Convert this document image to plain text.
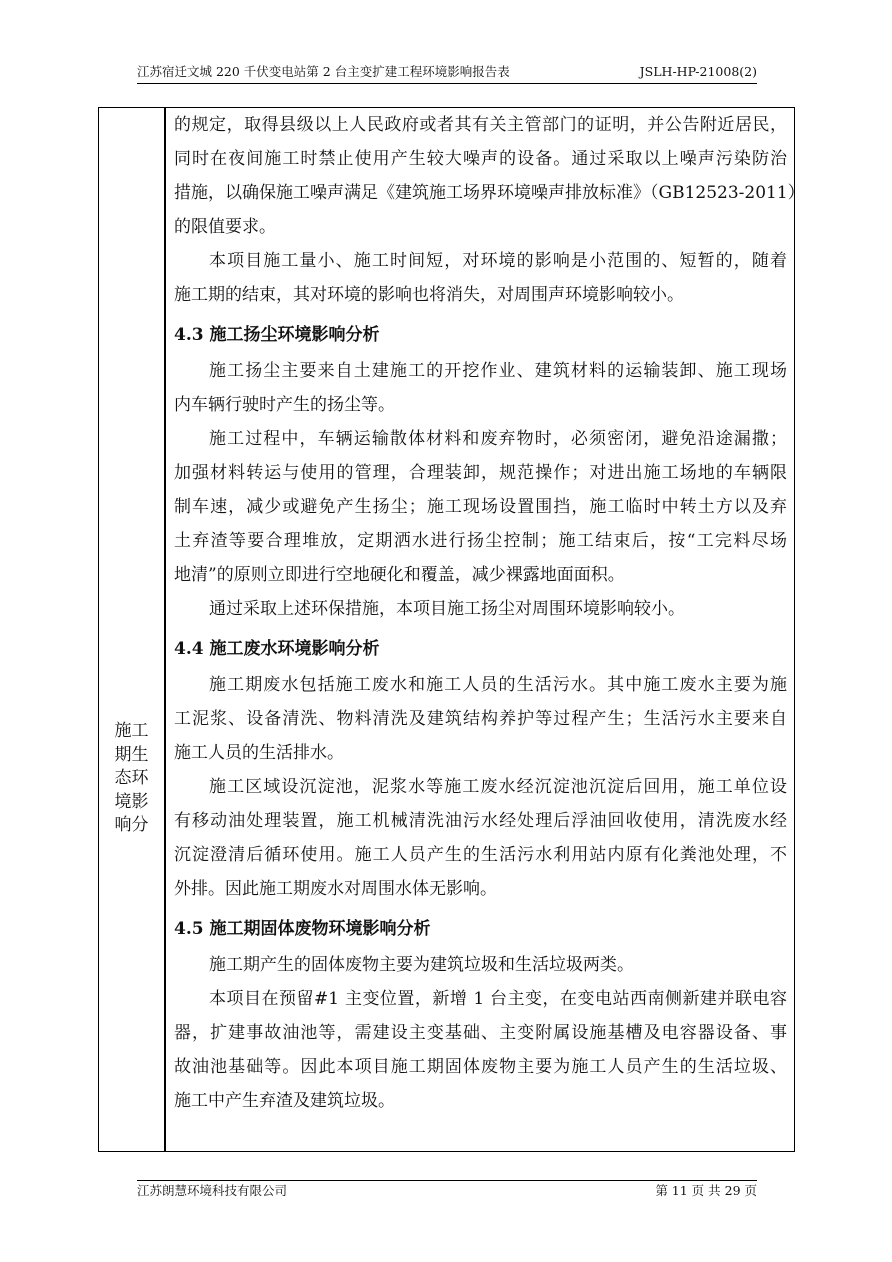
江苏宿迁文城 220 千伏变电站第 2 台主变扩建工程环境影响报告表	JSLH-HP-21008(2)
施工
期生
态环
境影
响分
的规定，取得县级以上人民政府或者其有关主管部门的证明，并公告附近居民，
同时在夜间施工时禁止使用产生较大噪声的设备。通过采取以上噪声污染防治
措施，以确保施工噪声满足《建筑施工场界环境噪声排放标准》（GB12523-2011）
的限值要求。
本项目施工量小、施工时间短，对环境的影响是小范围的、短暂的，随着
施工期的结束，其对环境的影响也将消失，对周围声环境影响较小。
4.3 施工扬尘环境影响分析
施工扬尘主要来自土建施工的开挖作业、建筑材料的运输装卸、施工现场
内车辆行驶时产生的扬尘等。
施工过程中，车辆运输散体材料和废弃物时，必须密闭，避免沿途漏撒；
加强材料转运与使用的管理，合理装卸，规范操作；对进出施工场地的车辆限
制车速，减少或避免产生扬尘；施工现场设置围挡，施工临时中转土方以及弃
土弃渣等要合理堆放，定期洒水进行扬尘控制；施工结束后，按“工完料尽场
地清”的原则立即进行空地硬化和覆盖，减少裸露地面面积。
通过采取上述环保措施，本项目施工扬尘对周围环境影响较小。
4.4 施工废水环境影响分析
施工期废水包括施工废水和施工人员的生活污水。其中施工废水主要为施
工泥浆、设备清洗、物料清洗及建筑结构养护等过程产生；生活污水主要来自
施工人员的生活排水。
施工区域设沉淀池，泥浆水等施工废水经沉淀池沉淀后回用，施工单位设
有移动油处理装置，施工机械清洗油污水经处理后浮油回收使用，清洗废水经
沉淀澄清后循环使用。施工人员产生的生活污水利用站内原有化粪池处理，不
外排。因此施工期废水对周围水体无影响。
4.5 施工期固体废物环境影响分析
施工期产生的固体废物主要为建筑垃圾和生活垃圾两类。
本项目在预留#1 主变位置，新增 1 台主变，在变电站西南侧新建并联电容
器，扩建事故油池等，需建设主变基础、主变附属设施基槽及电容器设备、事
故油池基础等。因此本项目施工期固体废物主要为施工人员产生的生活垃圾、
施工中产生弃渣及建筑垃圾。
江苏朗慧环境科技有限公司	第 11 页 共 29 页
